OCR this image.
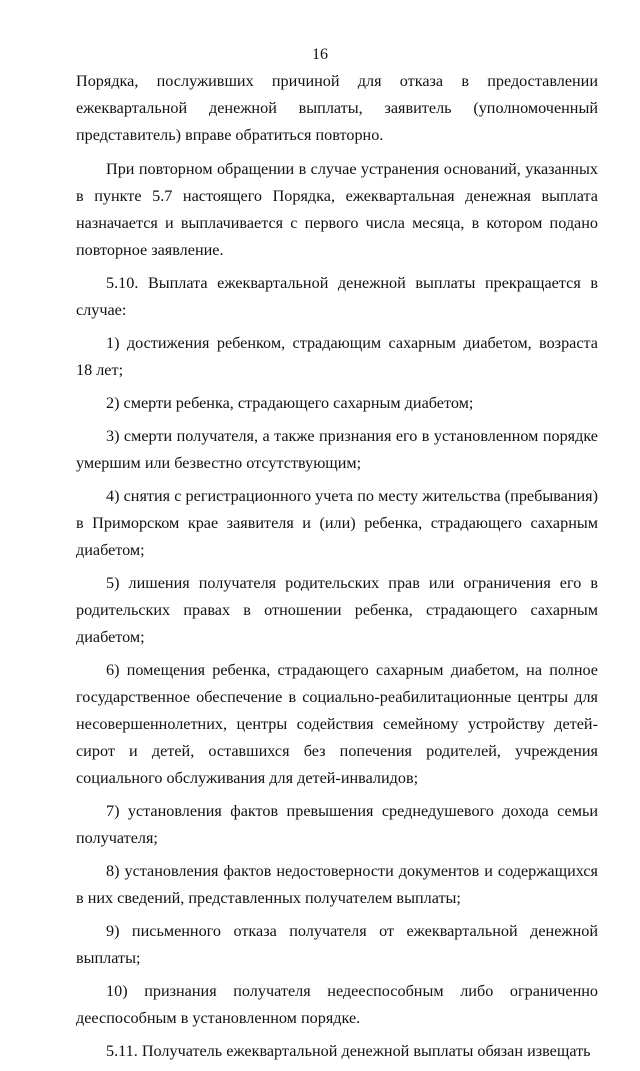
16

Порядка, послуживших причиной для отказа в предоставлении ежеквартальной денежной выплаты, заявитель (уполномоченный представитель) вправе обратиться повторно.

При повторном обращении в случае устранения оснований, указанных в пункте 5.7 настоящего Порядка, ежеквартальная денежная выплата назначается и выплачивается с первого числа месяца, в котором подано повторное заявление.

5.10. Выплата ежеквартальной денежной выплаты прекращается в случае:

1) достижения ребенком, страдающим сахарным диабетом, возраста 18 лет;

2) смерти ребенка, страдающего сахарным диабетом;

3) смерти получателя, а также признания его в установленном порядке умершим или безвестно отсутствующим;

4) снятия с регистрационного учета по месту жительства (пребывания) в Приморском крае заявителя и (или) ребенка, страдающего сахарным диабетом;

5) лишения получателя родительских прав или ограничения его в родительских правах в отношении ребенка, страдающего сахарным диабетом;

6) помещения ребенка, страдающего сахарным диабетом, на полное государственное обеспечение в социально-реабилитационные центры для несовершеннолетних, центры содействия семейному устройству детей-сирот и детей, оставшихся без попечения родителей, учреждения социального обслуживания для детей-инвалидов;

7) установления фактов превышения среднедушевого дохода семьи получателя;

8) установления фактов недостоверности документов и содержащихся в них сведений, представленных получателем выплаты;

9) письменного отказа получателя от ежеквартальной денежной выплаты;

10) признания получателя недееспособным либо ограниченно дееспособным в установленном порядке.

5.11. Получатель ежеквартальной денежной выплаты обязан извещать
